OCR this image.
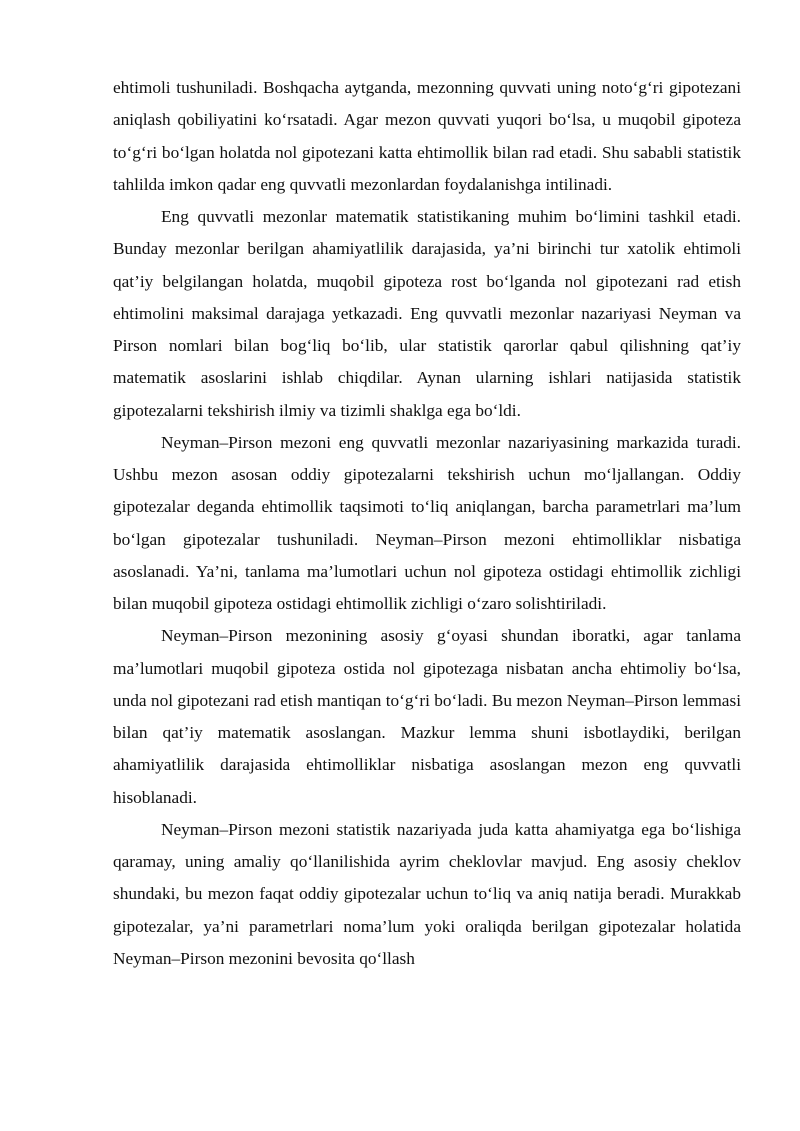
ehtimoli tushuniladi. Boshqacha aytganda, mezonning quvvati uning noto‘g‘ri gipotezani aniqlash qobiliyatini ko‘rsatadi. Agar mezon quvvati yuqori bo‘lsa, u muqobil gipoteza to‘g‘ri bo‘lgan holatda nol gipotezani katta ehtimollik bilan rad etadi. Shu sababli statistik tahlilda imkon qadar eng quvvatli mezonlardan foydalanishga intilinadi.

Eng quvvatli mezonlar matematik statistikaning muhim bo‘limini tashkil etadi. Bunday mezonlar berilgan ahamiyatlilik darajasida, ya’ni birinchi tur xatolik ehtimoli qat’iy belgilangan holatda, muqobil gipoteza rost bo‘lganda nol gipotezani rad etish ehtimolini maksimal darajaga yetkazadi. Eng quvvatli mezonlar nazariyasi Neyman va Pirson nomlari bilan bog‘liq bo‘lib, ular statistik qarorlar qabul qilishning qat’iy matematik asoslarini ishlab chiqdilar. Aynan ularning ishlari natijasida statistik gipotezalarni tekshirish ilmiy va tizimli shaklga ega bo‘ldi.

Neyman–Pirson mezoni eng quvvatli mezonlar nazariyasining markazida turadi. Ushbu mezon asosan oddiy gipotezalarni tekshirish uchun mo‘ljallangan. Oddiy gipotezalar deganda ehtimollik taqsimoti to‘liq aniqlangan, barcha parametrlari ma’lum bo‘lgan gipotezalar tushuniladi. Neyman–Pirson mezoni ehtimolliklar nisbatiga asoslanadi. Ya’ni, tanlama ma’lumotlari uchun nol gipoteza ostidagi ehtimollik zichligi bilan muqobil gipoteza ostidagi ehtimollik zichligi o‘zaro solishtiriladi.

Neyman–Pirson mezonining asosiy g‘oyasi shundan iboratki, agar tanlama ma’lumotlari muqobil gipoteza ostida nol gipotezaga nisbatan ancha ehtimoliy bo‘lsa, unda nol gipotezani rad etish mantiqan to‘g‘ri bo‘ladi. Bu mezon Neyman–Pirson lemmasi bilan qat’iy matematik asoslangan. Mazkur lemma shuni isbotlaydiki, berilgan ahamiyatlilik darajasida ehtimolliklar nisbatiga asoslangan mezon eng quvvatli hisoblanadi.

Neyman–Pirson mezoni statistik nazariyada juda katta ahamiyatga ega bo‘lishiga qaramay, uning amaliy qo‘llanilishida ayrim cheklovlar mavjud. Eng asosiy cheklov shundaki, bu mezon faqat oddiy gipotezalar uchun to‘liq va aniq natija beradi. Murakkab gipotezalar, ya’ni parametrlari noma’lum yoki oraliqda berilgan gipotezalar holatida Neyman–Pirson mezonini bevosita qo‘llash
